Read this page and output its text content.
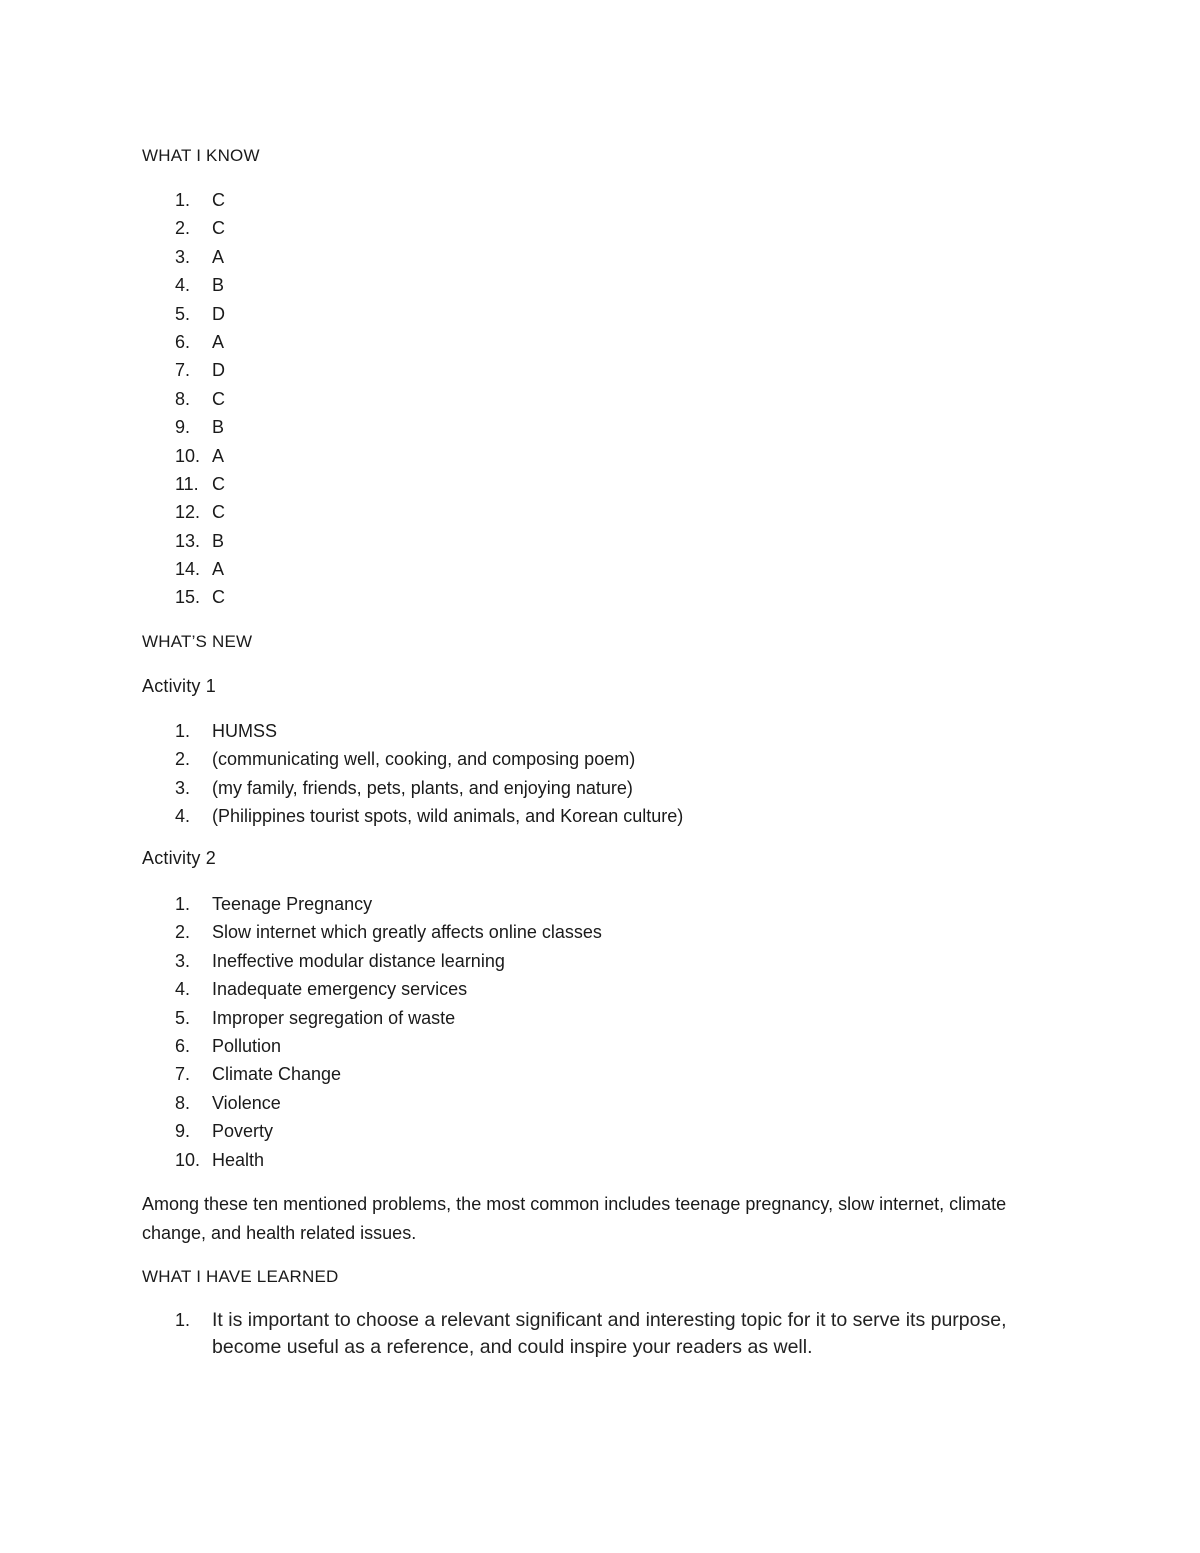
WHAT I KNOW
1. C
2. C
3. A
4. B
5. D
6. A
7. D
8. C
9. B
10. A
11. C
12. C
13. B
14. A
15. C
WHAT’S NEW
Activity 1
1. HUMSS
2. (communicating well, cooking, and composing poem)
3. (my family, friends, pets, plants, and enjoying nature)
4. (Philippines tourist spots, wild animals, and Korean culture)
Activity 2
1. Teenage Pregnancy
2. Slow internet which greatly affects online classes
3. Ineffective modular distance learning
4. Inadequate emergency services
5. Improper segregation of waste
6. Pollution
7. Climate Change
8. Violence
9. Poverty
10. Health

Among these ten mentioned problems, the most common includes teenage pregnancy, slow internet, climate change, and health related issues.

WHAT I HAVE LEARNED
1. It is important to choose a relevant significant and interesting topic for it to serve its purpose, become useful as a reference, and could inspire your readers as well.
